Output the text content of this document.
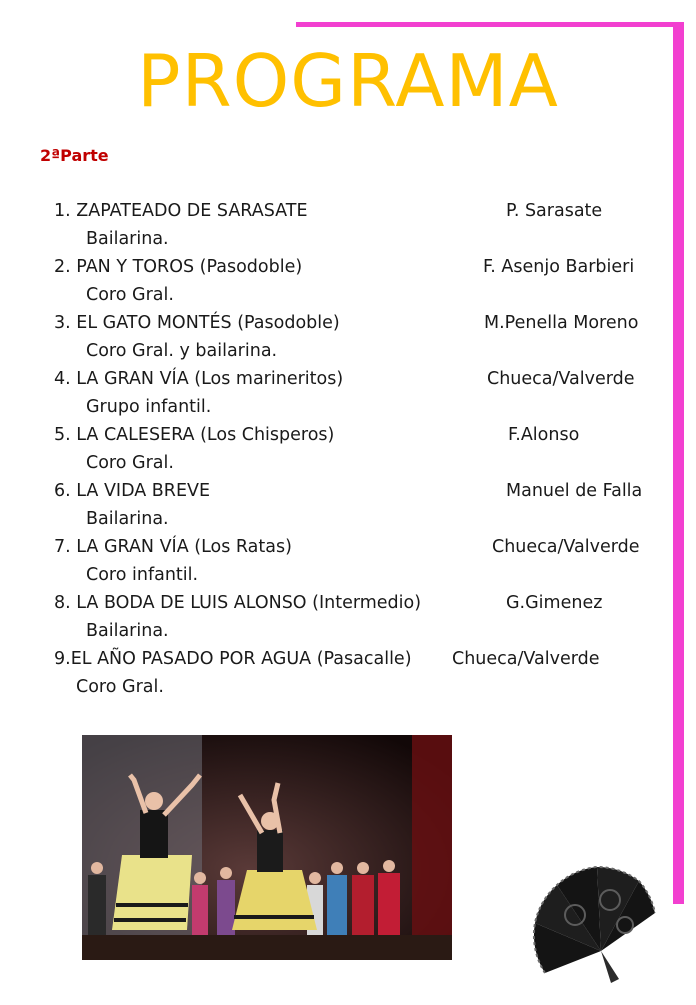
PROGRAMA
2ªParte
1. ZAPATEADO DE SARASATE	P. Sarasate
Bailarina.
2. PAN Y TOROS (Pasodoble)	F. Asenjo Barbieri
Coro Gral.
3. EL GATO MONTÉS (Pasodoble)	M.Penella Moreno
Coro Gral. y bailarina.
4. LA GRAN VÍA (Los marineritos)	Chueca/Valverde
Grupo infantil.
5. LA CALESERA (Los Chisperos)	F.Alonso
Coro Gral.
6. LA VIDA BREVE	Manuel de Falla
Bailarina.
7. LA GRAN VÍA (Los Ratas)	Chueca/Valverde
Coro infantil.
8. LA BODA DE LUIS ALONSO (Intermedio)	G.Gimenez
Bailarina.
9.EL AÑO PASADO POR AGUA (Pasacalle) Chueca/Valverde
Coro Gral.
